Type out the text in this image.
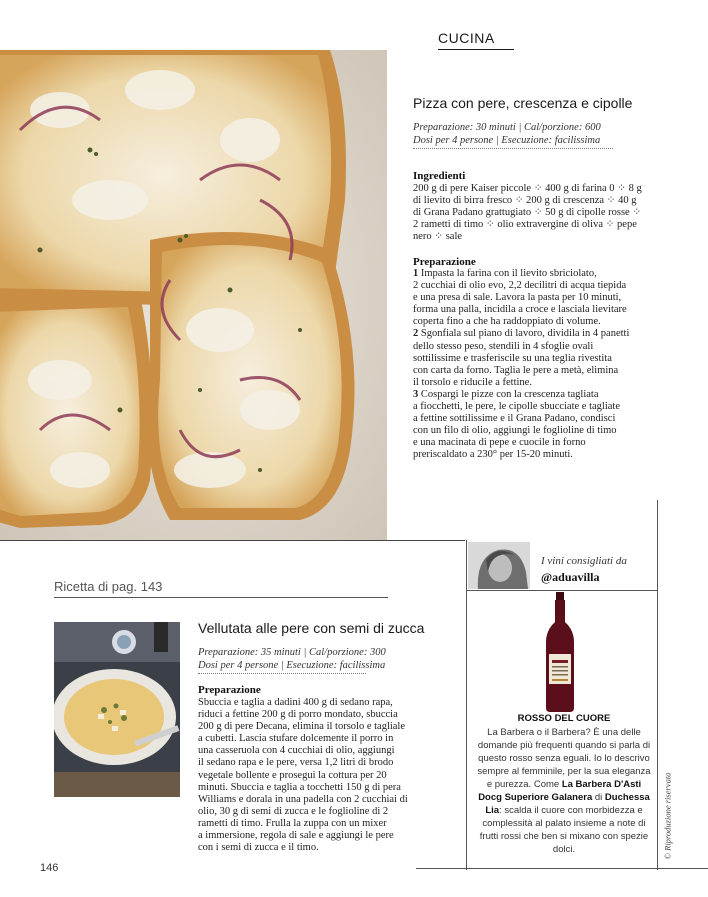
CUCINA
Pizza con pere, crescenza e cipolle
Preparazione: 30 minuti | Cal/porzione: 600
Dosi per 4 persone | Esecuzione: facilissima
Ingredienti
200 g di pere Kaiser piccole ⁘ 400 g di farina 0 ⁘ 8 g
di lievito di birra fresco ⁘ 200 g di crescenza ⁘ 40 g
di Grana Padano grattugiato ⁘ 50 g di cipolle rosse ⁘
2 rametti di timo ⁘ olio extravergine di oliva ⁘ pepe
nero ⁘ sale
Preparazione
1 Impasta la farina con il lievito sbriciolato,
2 cucchiai di olio evo, 2,2 decilitri di acqua tiepida
e una presa di sale. Lavora la pasta per 10 minuti,
forma una palla, incidila a croce e lasciala lievitare
coperta fino a che ha raddoppiato di volume.
2 Sgonfiala sul piano di lavoro, dividila in 4 panetti
dello stesso peso, stendili in 4 sfoglie ovali
sottilissime e trasferiscile su una teglia rivestita
con carta da forno. Taglia le pere a metà, elimina
il torsolo e riducile a fettine.
3 Cospargi le pizze con la crescenza tagliata
a fiocchetti, le pere, le cipolle sbucciate e tagliate
a fettine sottilissime e il Grana Padano, condisci
con un filo di olio, aggiungi le foglioline di timo
e una macinata di pepe e cuocile in forno
preriscaldato a 230° per 15-20 minuti.
Ricetta di pag. 143
Vellutata alle pere con semi di zucca
Preparazione: 35 minuti | Cal/porzione: 300
Dosi per 4 persone | Esecuzione: facilissima
Preparazione
Sbuccia e taglia a dadini 400 g di sedano rapa,
riduci a fettine 200 g di porro mondato, sbuccia
200 g di pere Decana, elimina il torsolo e tagliale
a cubetti. Lascia stufare dolcemente il porro in
una casseruola con 4 cucchiai di olio, aggiungi
il sedano rapa e le pere, versa 1,2 litri di brodo
vegetale bollente e prosegui la cottura per 20
minuti. Sbuccia e taglia a tocchetti 150 g di pera
Williams e dorala in una padella con 2 cucchiai di
olio, 30 g di semi di zucca e le foglioline di 2
rametti di timo. Frulla la zuppa con un mixer
a immersione, regola di sale e aggiungi le pere
con i semi di zucca e il timo.
146
I vini consigliati da
@aduavilla
ROSSO DEL CUORE
La Barbera o il Barbera? È una delle domande più frequenti quando si parla di questo rosso senza eguali. Io lo descrivo sempre al femminile, per la sua eleganza e purezza. Come La Barbera D'Asti Docg Superiore Galanera di Duchessa Lia: scalda il cuore con morbidezza e complessità al palato insieme a note di frutti rossi che ben si mixano con spezie dolci.	© Riproduzione riservata
